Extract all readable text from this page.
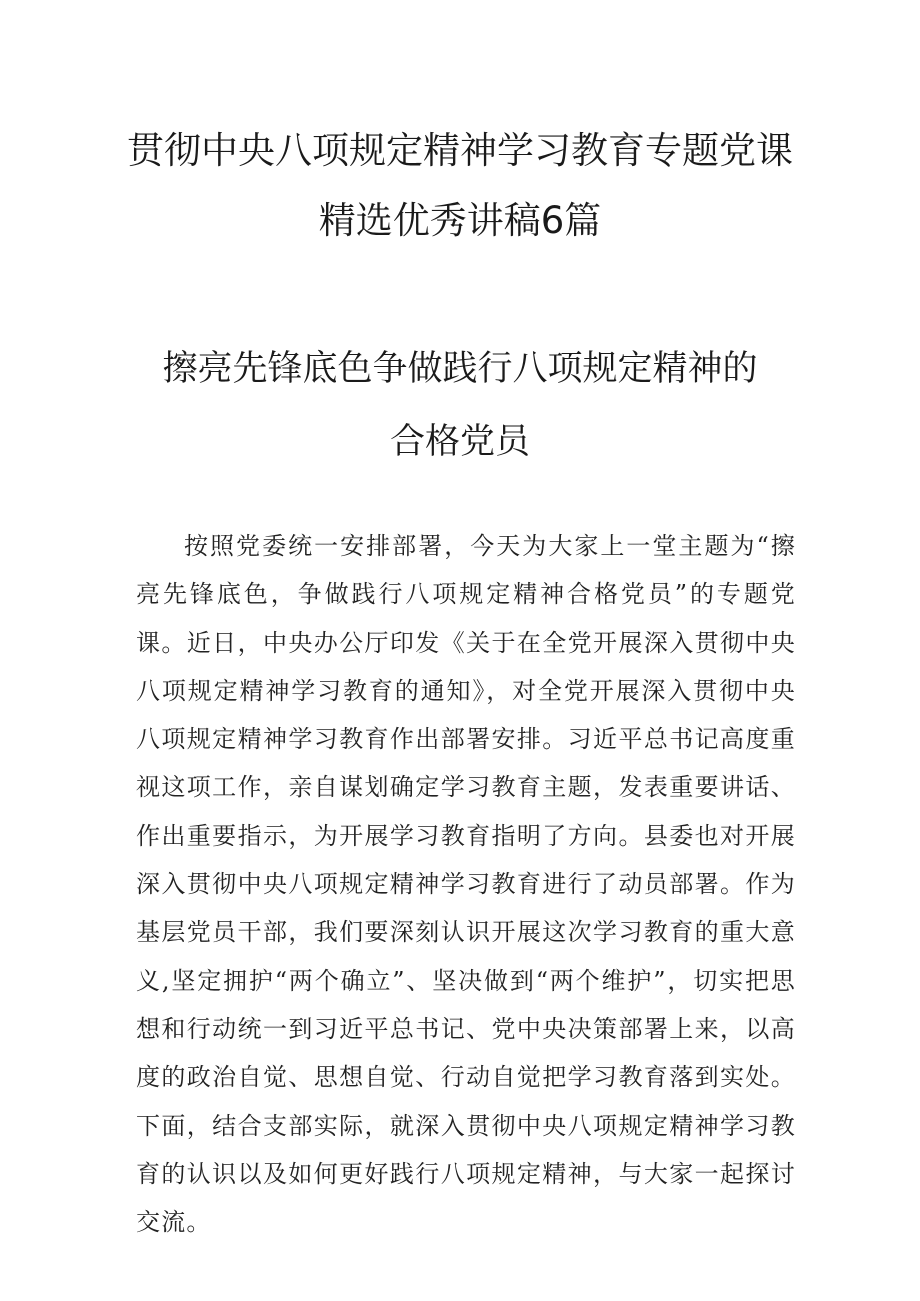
贯彻中央八项规定精神学习教育专题党课
精选优秀讲稿6篇
擦亮先锋底色争做践行八项规定精神的
合格党员

按照党委统一安排部署，今天为大家上一堂主题为“擦亮先锋底色，争做践行八项规定精神合格党员”的专题党课。近日，中央办公厅印发《关于在全党开展深入贯彻中央八项规定精神学习教育的通知》，对全党开展深入贯彻中央八项规定精神学习教育作出部署安排。习近平总书记高度重视这项工作，亲自谋划确定学习教育主题，发表重要讲话、作出重要指示，为开展学习教育指明了方向。县委也对开展深入贯彻中央八项规定精神学习教育进行了动员部署。作为基层党员干部，我们要深刻认识开展这次学习教育的重大意义,坚定拥护“两个确立”、坚决做到“两个维护”，切实把思想和行动统一到习近平总书记、党中央决策部署上来，以高度的政治自觉、思想自觉、行动自觉把学习教育落到实处。下面，结合支部实际，就深入贯彻中央八项规定精神学习教育的认识以及如何更好践行八项规定精神，与大家一起探讨交流。
